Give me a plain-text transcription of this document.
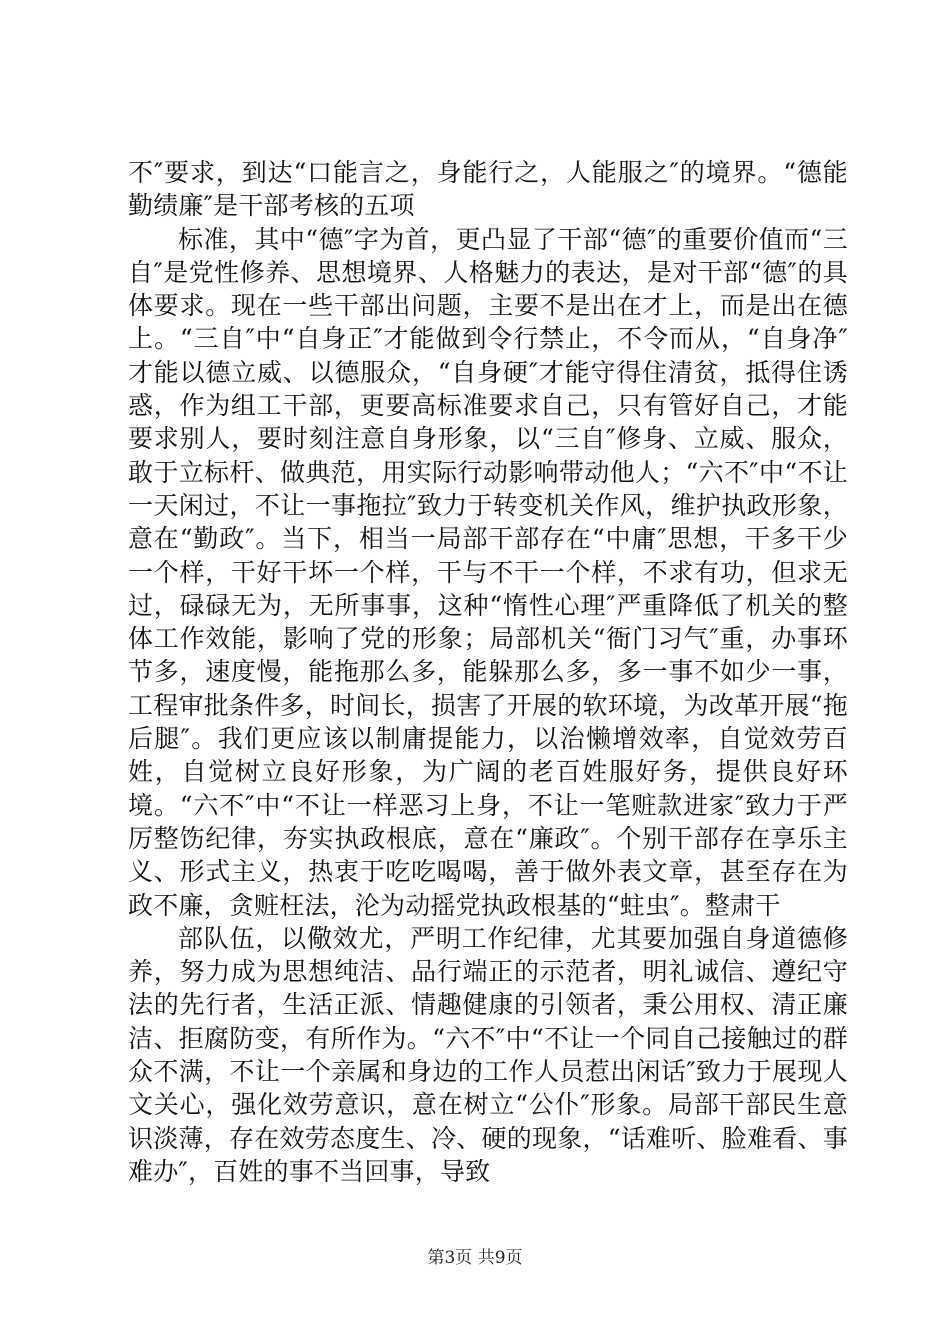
不″要求，到达“口能言之，身能行之，人能服之″的境界。“德能勤绩廉″是干部考核的五项

标准，其中“德″字为首，更凸显了干部“德″的重要价值而“三自″是党性修养、思想境界、人格魅力的表达，是对干部“德″的具体要求。现在一些干部出问题，主要不是出在才上，而是出在德上。“三自″中“自身正″才能做到令行禁止，不令而从，“自身净″才能以德立威、以德服众，“自身硬″才能守得住清贫，抵得住诱惑，作为组工干部，更要高标准要求自己，只有管好自己，才能要求别人，要时刻注意自身形象，以“三自″修身、立威、服众，敢于立标杆、做典范，用实际行动影响带动他人；“六不″中“不让一天闲过，不让一事拖拉″致力于转变机关作风，维护执政形象，意在“勤政″。当下，相当一局部干部存在“中庸″思想，干多干少一个样，干好干坏一个样，干与不干一个样，不求有功，但求无过，碌碌无为，无所事事，这种“惰性心理″严重降低了机关的整体工作效能，影响了党的形象；局部机关“衙门习气″重，办事环节多，速度慢，能拖那么多，能躲那么多，多一事不如少一事，工程审批条件多，时间长，损害了开展的软环境，为改革开展“拖后腿″。我们更应该以制庸提能力，以治懒增效率，自觉效劳百姓，自觉树立良好形象，为广阔的老百姓服好务，提供良好环境。“六不″中“不让一样恶习上身，不让一笔赃款进家″致力于严厉整饬纪律，夯实执政根底，意在“廉政″。个别干部存在享乐主义、形式主义，热衷于吃吃喝喝，善于做外表文章，甚至存在为政不廉，贪赃枉法，沦为动摇党执政根基的“蛀虫″。整肃干

部队伍，以儆效尤，严明工作纪律，尤其要加强自身道德修养，努力成为思想纯洁、品行端正的示范者，明礼诚信、遵纪守法的先行者，生活正派、情趣健康的引领者，秉公用权、清正廉洁、拒腐防变，有所作为。“六不″中“不让一个同自己接触过的群众不满，不让一个亲属和身边的工作人员惹出闲话″致力于展现人文关心，强化效劳意识，意在树立“公仆″形象。局部干部民生意识淡薄，存在效劳态度生、冷、硬的现象，“话难听、脸难看、事难办″，百姓的事不当回事，导致

第3页 共9页
